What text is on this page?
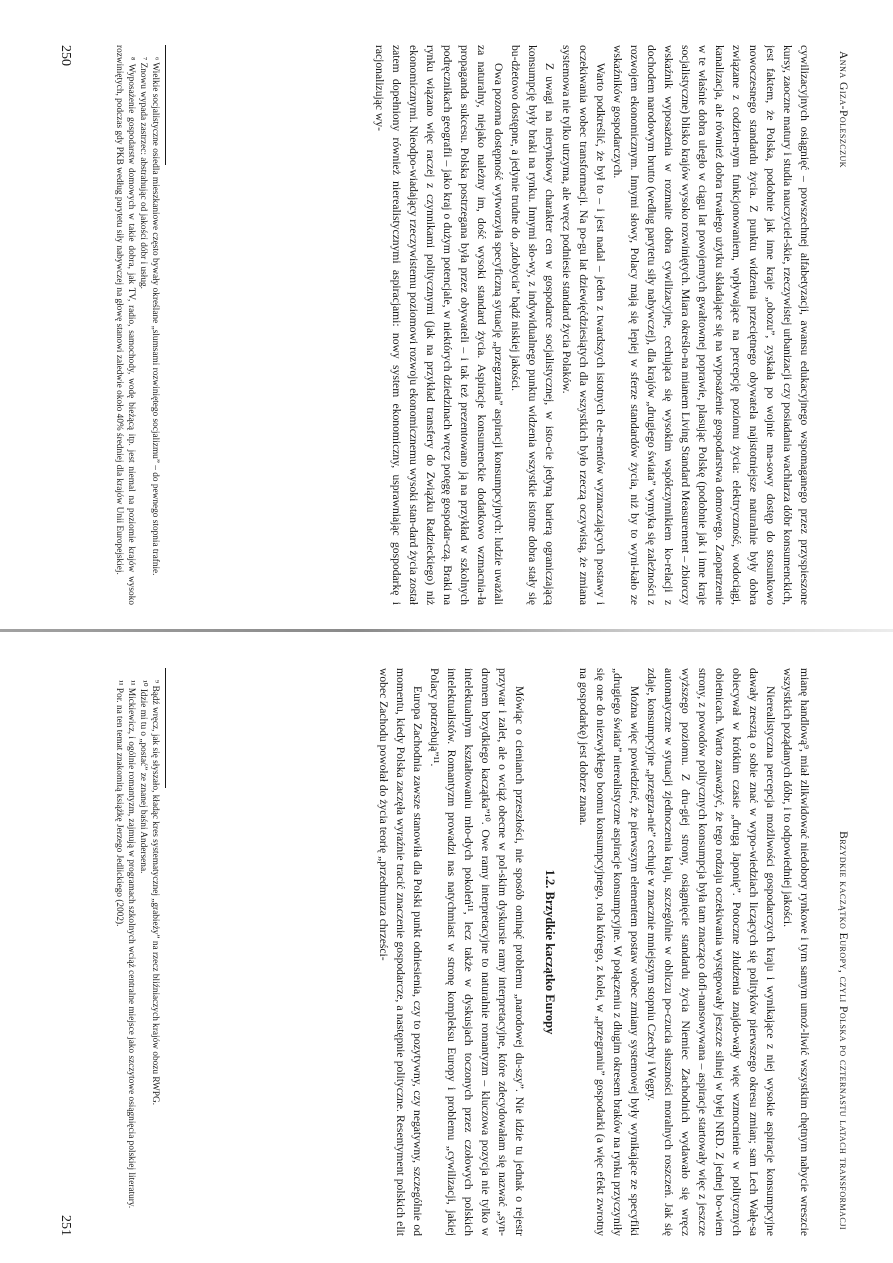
Anna Giza-Poleszczuk

cywilizacyjnych osiągnięć – powszechnej alfabetyzacji, awansu edukacyjnego wspomaganego przez przyspieszone kursy, zaoczne matury i studia nauczyciel-skie, rzeczywistej urbanizacji czy posiadania wachlarza dóbr konsumenckich, jest faktem, że Polska, podobnie jak inne kraje „obozu”, zyskała po wojnie ma-sowy dostęp do stosunkowo nowoczesnego standardu życia. Z punktu widzenia przeciętnego obywatela najistotniejsze naturalnie były dobra związane z codzien-nym funkcjonowaniem, wpływające na percepcję poziomu życia: elektryczność, wodociągi, kanalizacja, ale również dobra trwałego użytku składające się na wyposażenie gospodarstwa domowego. Zaopatrzenie w te właśnie dobra uległo w ciągu lat powojennych gwałtownej poprawie, plasując Polskę (podobnie jak i inne kraje socjalistyczne) blisko krajów wysoko rozwiniętych. Miara określo-na mianem Living Standard Measurement – zbiorczy wskaźnik wyposażenia w rozmaite dobra cywilizacyjne, cechująca się wysokim współczynnikiem ko-relacji z dochodem narodowym brutto (według parytetu siły nabywczej), dla krajów „drugiego świata” wymyka się zależności z rozwojem ekonomicznym. Innymi słowy, Polacy mają się lepiej w sferze standardów życia, niż by to wyni-kało ze wskaźników gospodarczych.

Warto podkreślić, że był to – i jest nadal – jeden z twardszych istotnych ele-mentów wyznaczających postawy i oczekiwania wobec transformacji. Na po-gu lat dziewięćdziesiątych dla wszystkich było rzeczą oczywistą, że zmiana systemowa nie tylko utrzyma, ale wręcz podniesie standard życia Polaków.

Z uwagi na nierynkowy charakter cen w gospodarce socjalistycznej, w isto-cie jedyną barierą ograniczającą konsumpcję były braki na rynku. Innymi sło-wy, z indywidualnego punktu widzenia wszystkie istotne dobra stały się bu-dżetowo dostępne, a jedynie trudne do „zdobycia” bądź niskiej jakości.

Owa pozorna dostępność wytworzyła specyficzną sytuację „przegrzania” aspiracji konsumpcyjnych: ludzie uważali za naturalny, niejako należny im, dość wysoki standard życia. Aspiracje konsumenckie dodatkowo wzmacnia-ła propaganda sukcesu. Polska postrzegana była przez obywateli – i tak też prezentowano ją na przykład w szkolnych podręcznikach geografii – jako kraj o dużym potencjale, w niektórych dziedzinach wręcz potęgę gospodar-czą. Braki na rynku wiązano więc raczej z czynnikami politycznymi (jak na przykład transfery do Związku Radzieckiego) niż ekonomicznymi. Nieodpo-wiadający rzeczywistemu poziomowi rozwoju ekonomicznemu wysoki stan-dard życia został zatem dopełniony również nierealistycznymi aspiracjami: nowy system ekonomiczny, usprawniając gospodarkę i racjonalizując wy-

⁶ Wielkie socjalistyczne osiedla mieszkaniowe często bywały określane „slumsami rozwiniętego socjalizmu” – do pewnego stopnia trafnie.

⁷ Znowu wypada zastrzec: abstrahując od jakości dóbr i usług.

⁸ Wyposażenie gospodarstw domowych w takie dobra, jak TV, radio, samochody, wodę bieżącą itp. jest niemal na poziomie krajów wysoko rozwiniętych, podczas gdy PKB według parytetu siły nabywczej na głowę stanowi zaledwie około 40% średniej dla krajów Unii Europejskiej.

250
Brzydkie kaczątko Europy, czyli Polska po czternastu latach transformacji

mianę handlową⁹, miał zlikwidować niedobory rynkowe i tym samym umoż-liwić wszystkim chętnym nabycie wreszcie wszystkich pożądanych dóbr, i to odpowiedniej jakości.

Nierealistyczna percepcja możliwości gospodarczych kraju i wynikające z niej wysokie aspiracje konsumpcyjne dawały zresztą o sobie znać w wypo-wiedziach liczących się polityków pierwszego okresu zmian; sam Lech Wałę-sa obiecywał w krótkim czasie „drugą Japonię”. Potoczne złudzenia znajdo-wały więc wzmocnienie w politycznych obietnicach. Warto zauważyć, że tego rodzaju oczekiwania występowały jeszcze silniej w byłej NRD. Z jednej bo-wiem strony, z powodów politycznych konsumpcja była tam znacząco dofi-nansowywana – aspiracje startowały więc z jeszcze wyższego poziomu. Z dru-giej strony, osiągnięcie standardu życia Niemiec Zachodnich wydawało się wręcz automatyczne w sytuacji zjednoczenia kraju, szczególnie w obliczu po-czucia słuszności moralnych roszczeń. Jak się zdaje, konsumpcyjne „przegrza-nie” cechuje w znacznie mniejszym stopniu Czechy i Węgry.

Można więc powiedzieć, że pierwszym elementem postaw wobec zmiany systemowej były wynikające ze specyfiki „drugiego świata” nierealistyczne aspiracje konsumpcyjne. W połączeniu z długim okresem braków na rynku przyczyniły się one do niezwykłego boomu konsumpcyjnego, rola którego, z kolei, w „przegraniu” gospodarki (a więc efekt zwrotny na gospodarkę) jest dobrze znana.

1.2. Brzydkie kaczątko Europy

Mówiąc o cienianch przeszłości, nie sposób ominąć problemu „narodowej du-szy”. Nie idzie tu jednak o rejestr przywar i zalet, ale o wciąż obecne w pol-skim dyskursie ramy interpretacyjne, które zdecydowałam się nazwać „syn-dromem brzydkiego kaczątka”¹⁰. Owe ramy interpretacyjne to naturalnie romantyzm – kluczowa pozycja nie tylko w intelektualnym kształtowaniu mło-dych pokoleń¹¹, lecz także w dyskusjach toczonych przez czołowych polskich intelektualistów. Romantyzm prowadzi nas natychmiast w stronę kompleksu Europy i problemu „cywilizacji, jakiej Polacy potrzebują”¹¹.

Europa Zachodnia zawsze stanowiła dla Polski punkt odniesienia, czy to pozytywny, czy negatywny, szczególnie od momentu, kiedy Polska zaczęła wyraźnie tracić znaczenie gospodarcze, a następnie polityczne. Resentyment polskich elit wobec Zachodu powołał do życia teorię „przedmurza chrześci-

⁹ Bądź wręcz, jak się słyszało, kładąc kres systematycznej „grabieży” na rzecz bliźniaczych krajów obozu RWPG.

¹⁰ Idzie mi tu o „postać” ze znanej baśni Andersena.

¹¹ Mickiewicz, i ogólnie romantyzm, zajmują w programach szkolnych wciąż centralne miejsce jako szczytowe osiągnięcia polskiej literatury.

¹¹ Por. na ten temat znakomitą książkę Jerzego Jedlickiego (2002).

251
